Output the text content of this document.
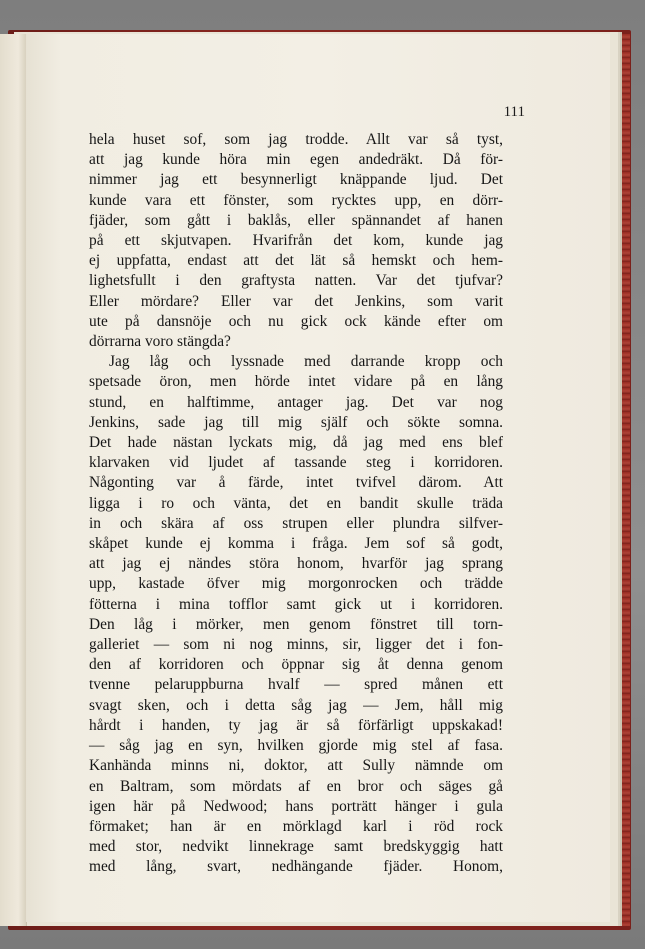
111
hela huset sof, som jag trodde. Allt var så tyst,
att jag kunde höra min egen andedräkt. Då för-
nimmer jag ett besynnerligt knäppande ljud. Det
kunde vara ett fönster, som rycktes upp, en dörr-
fjäder, som gått i baklås, eller spännandet af hanen
på ett skjutvapen. Hvarifrån det kom, kunde jag
ej uppfatta, endast att det lät så hemskt och hem-
lighetsfullt i den graftysta natten. Var det tjufvar?
Eller mördare? Eller var det Jenkins, som varit
ute på dansnöje och nu gick ock kände efter om
dörrarna voro stängda?
Jag låg och lyssnade med darrande kropp och
spetsade öron, men hörde intet vidare på en lång
stund, en halftimme, antager jag. Det var nog
Jenkins, sade jag till mig själf och sökte somna.
Det hade nästan lyckats mig, då jag med ens blef
klarvaken vid ljudet af tassande steg i korridoren.
Någonting var å färde, intet tvifvel därom. Att
ligga i ro och vänta, det en bandit skulle träda
in och skära af oss strupen eller plundra silfver-
skåpet kunde ej komma i fråga. Jem sof så godt,
att jag ej nändes störa honom, hvarför jag sprang
upp, kastade öfver mig morgonrocken och trädde
fötterna i mina tofflor samt gick ut i korridoren.
Den låg i mörker, men genom fönstret till torn-
galleriet — som ni nog minns, sir, ligger det i fon-
den af korridoren och öppnar sig åt denna genom
tvenne pelaruppburna hvalf — spred månen ett
svagt sken, och i detta såg jag — Jem, håll mig
hårdt i handen, ty jag är så förfärligt uppskakad!
— såg jag en syn, hvilken gjorde mig stel af fasa.
Kanhända minns ni, doktor, att Sully nämnde om
en Baltram, som mördats af en bror och säges gå
igen här på Nedwood; hans porträtt hänger i gula
förmaket; han är en mörklagd karl i röd rock
med stor, nedvikt linnekrage samt bredskyggig hatt
med lång, svart, nedhängande fjäder. Honom,
